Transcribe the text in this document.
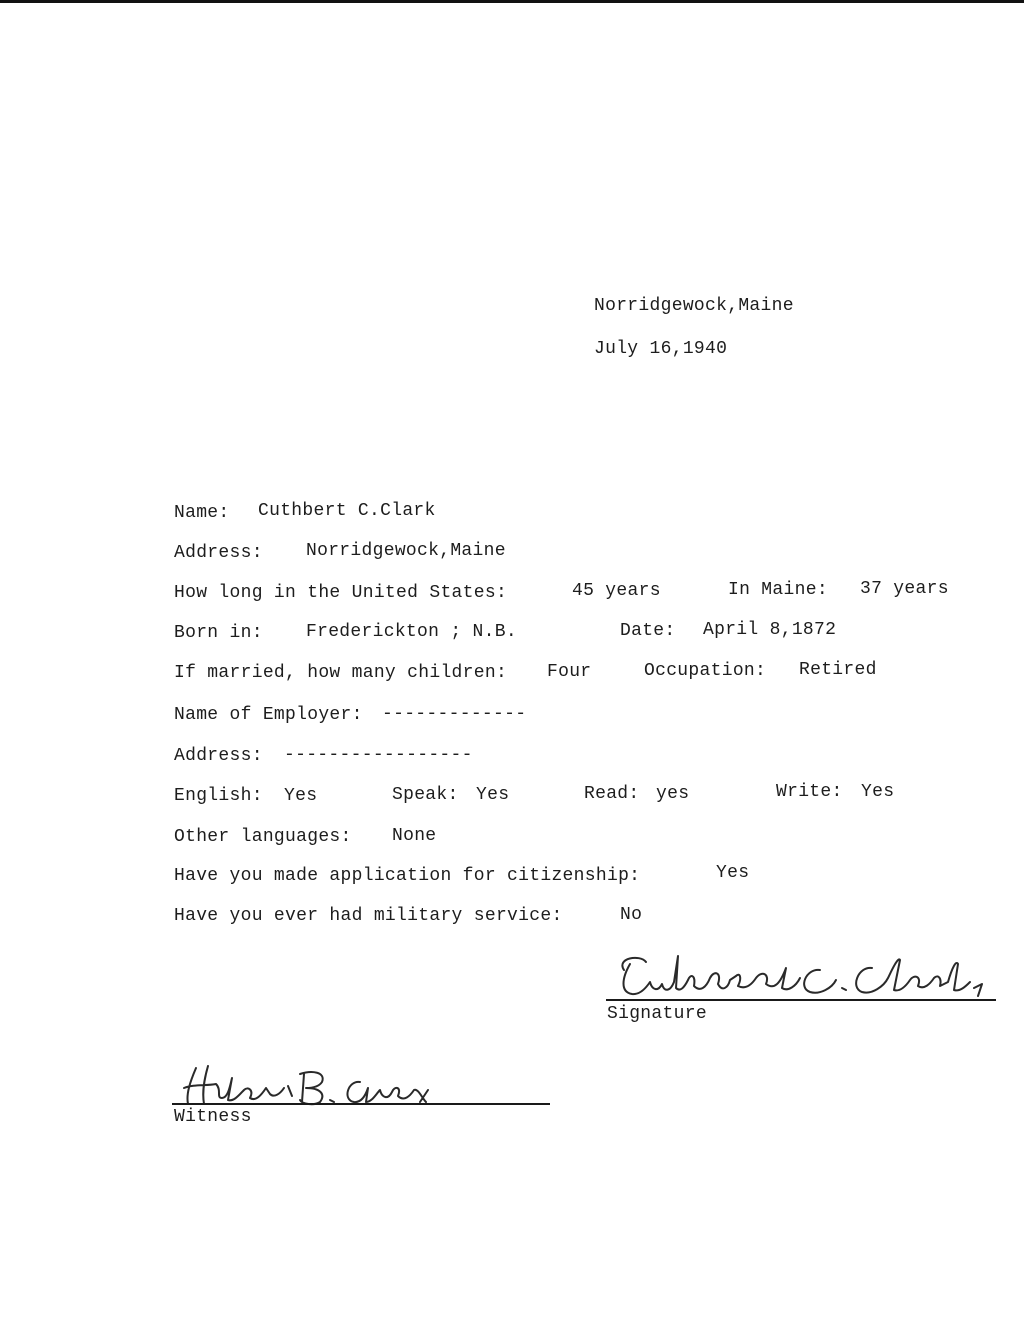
Norridgewock,Maine
July 16,1940
Name: Cuthbert C.Clark
Address: Norridgewock,Maine
How long in the United States:	45 years	In Maine: 37 years
Born in: Frederickton ; N.B.	Date: April 8,1872
If married, how many children: Four	Occupation: Retired
Name of Employer: -------------
Address: -----------------
English: Yes	Speak: Yes	Read: yes	Write: Yes
Other languages: None
Have you made application for citizenship:	Yes
Have you ever had military service:	No
Signature
Witness
